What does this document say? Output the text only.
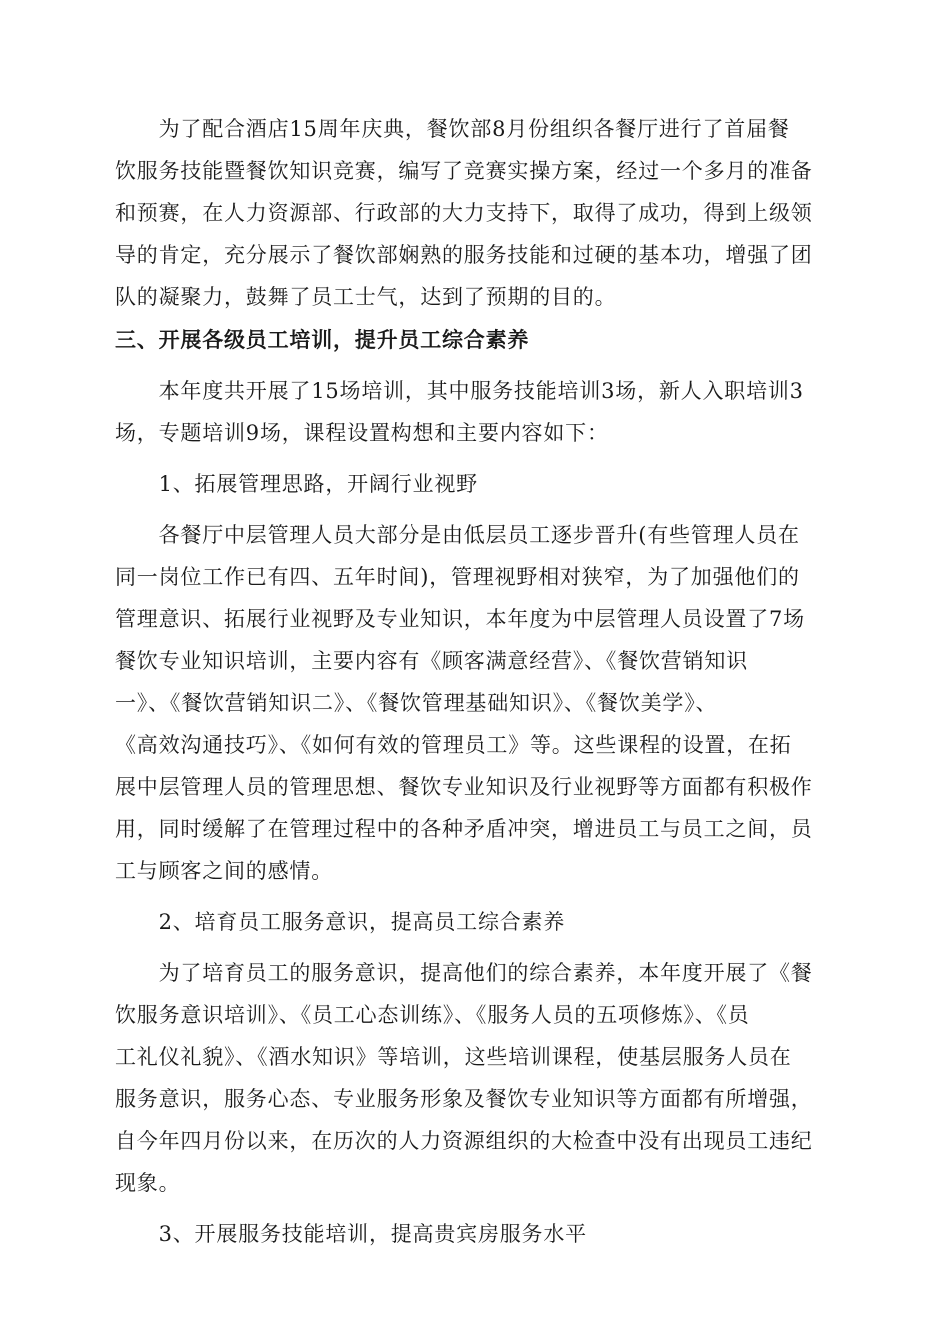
　　为了配合酒店15周年庆典，餐饮部8月份组织各餐厅进行了首届餐
饮服务技能暨餐饮知识竞赛，编写了竞赛实操方案，经过一个多月的准备
和预赛，在人力资源部、行政部的大力支持下，取得了成功，得到上级领
导的肯定，充分展示了餐饮部娴熟的服务技能和过硬的基本功，增强了团
队的凝聚力，鼓舞了员工士气，达到了预期的目的。
三、开展各级员工培训，提升员工综合素养
　　本年度共开展了15场培训，其中服务技能培训3场，新人入职培训3
场，专题培训9场，课程设置构想和主要内容如下：
　　1、拓展管理思路，开阔行业视野
　　各餐厅中层管理人员大部分是由低层员工逐步晋升(有些管理人员在
同一岗位工作已有四、五年时间)，管理视野相对狭窄，为了加强他们的
管理意识、拓展行业视野及专业知识，本年度为中层管理人员设置了7场
餐饮专业知识培训，主要内容有《顾客满意经营》、《餐饮营销知识
一》、《餐饮营销知识二》、《餐饮管理基础知识》、《餐饮美学》、
《高效沟通技巧》、《如何有效的管理员工》等。这些课程的设置，在拓
展中层管理人员的管理思想、餐饮专业知识及行业视野等方面都有积极作
用，同时缓解了在管理过程中的各种矛盾冲突，增进员工与员工之间，员
工与顾客之间的感情。
　　2、培育员工服务意识，提高员工综合素养
　　为了培育员工的服务意识，提高他们的综合素养，本年度开展了《餐
饮服务意识培训》、《员工心态训练》、《服务人员的五项修炼》、《员
工礼仪礼貌》、《酒水知识》等培训，这些培训课程，使基层服务人员在
服务意识，服务心态、专业服务形象及餐饮专业知识等方面都有所增强，
自今年四月份以来，在历次的人力资源组织的大检查中没有出现员工违纪
现象。
　　3、开展服务技能培训，提高贵宾房服务水平
